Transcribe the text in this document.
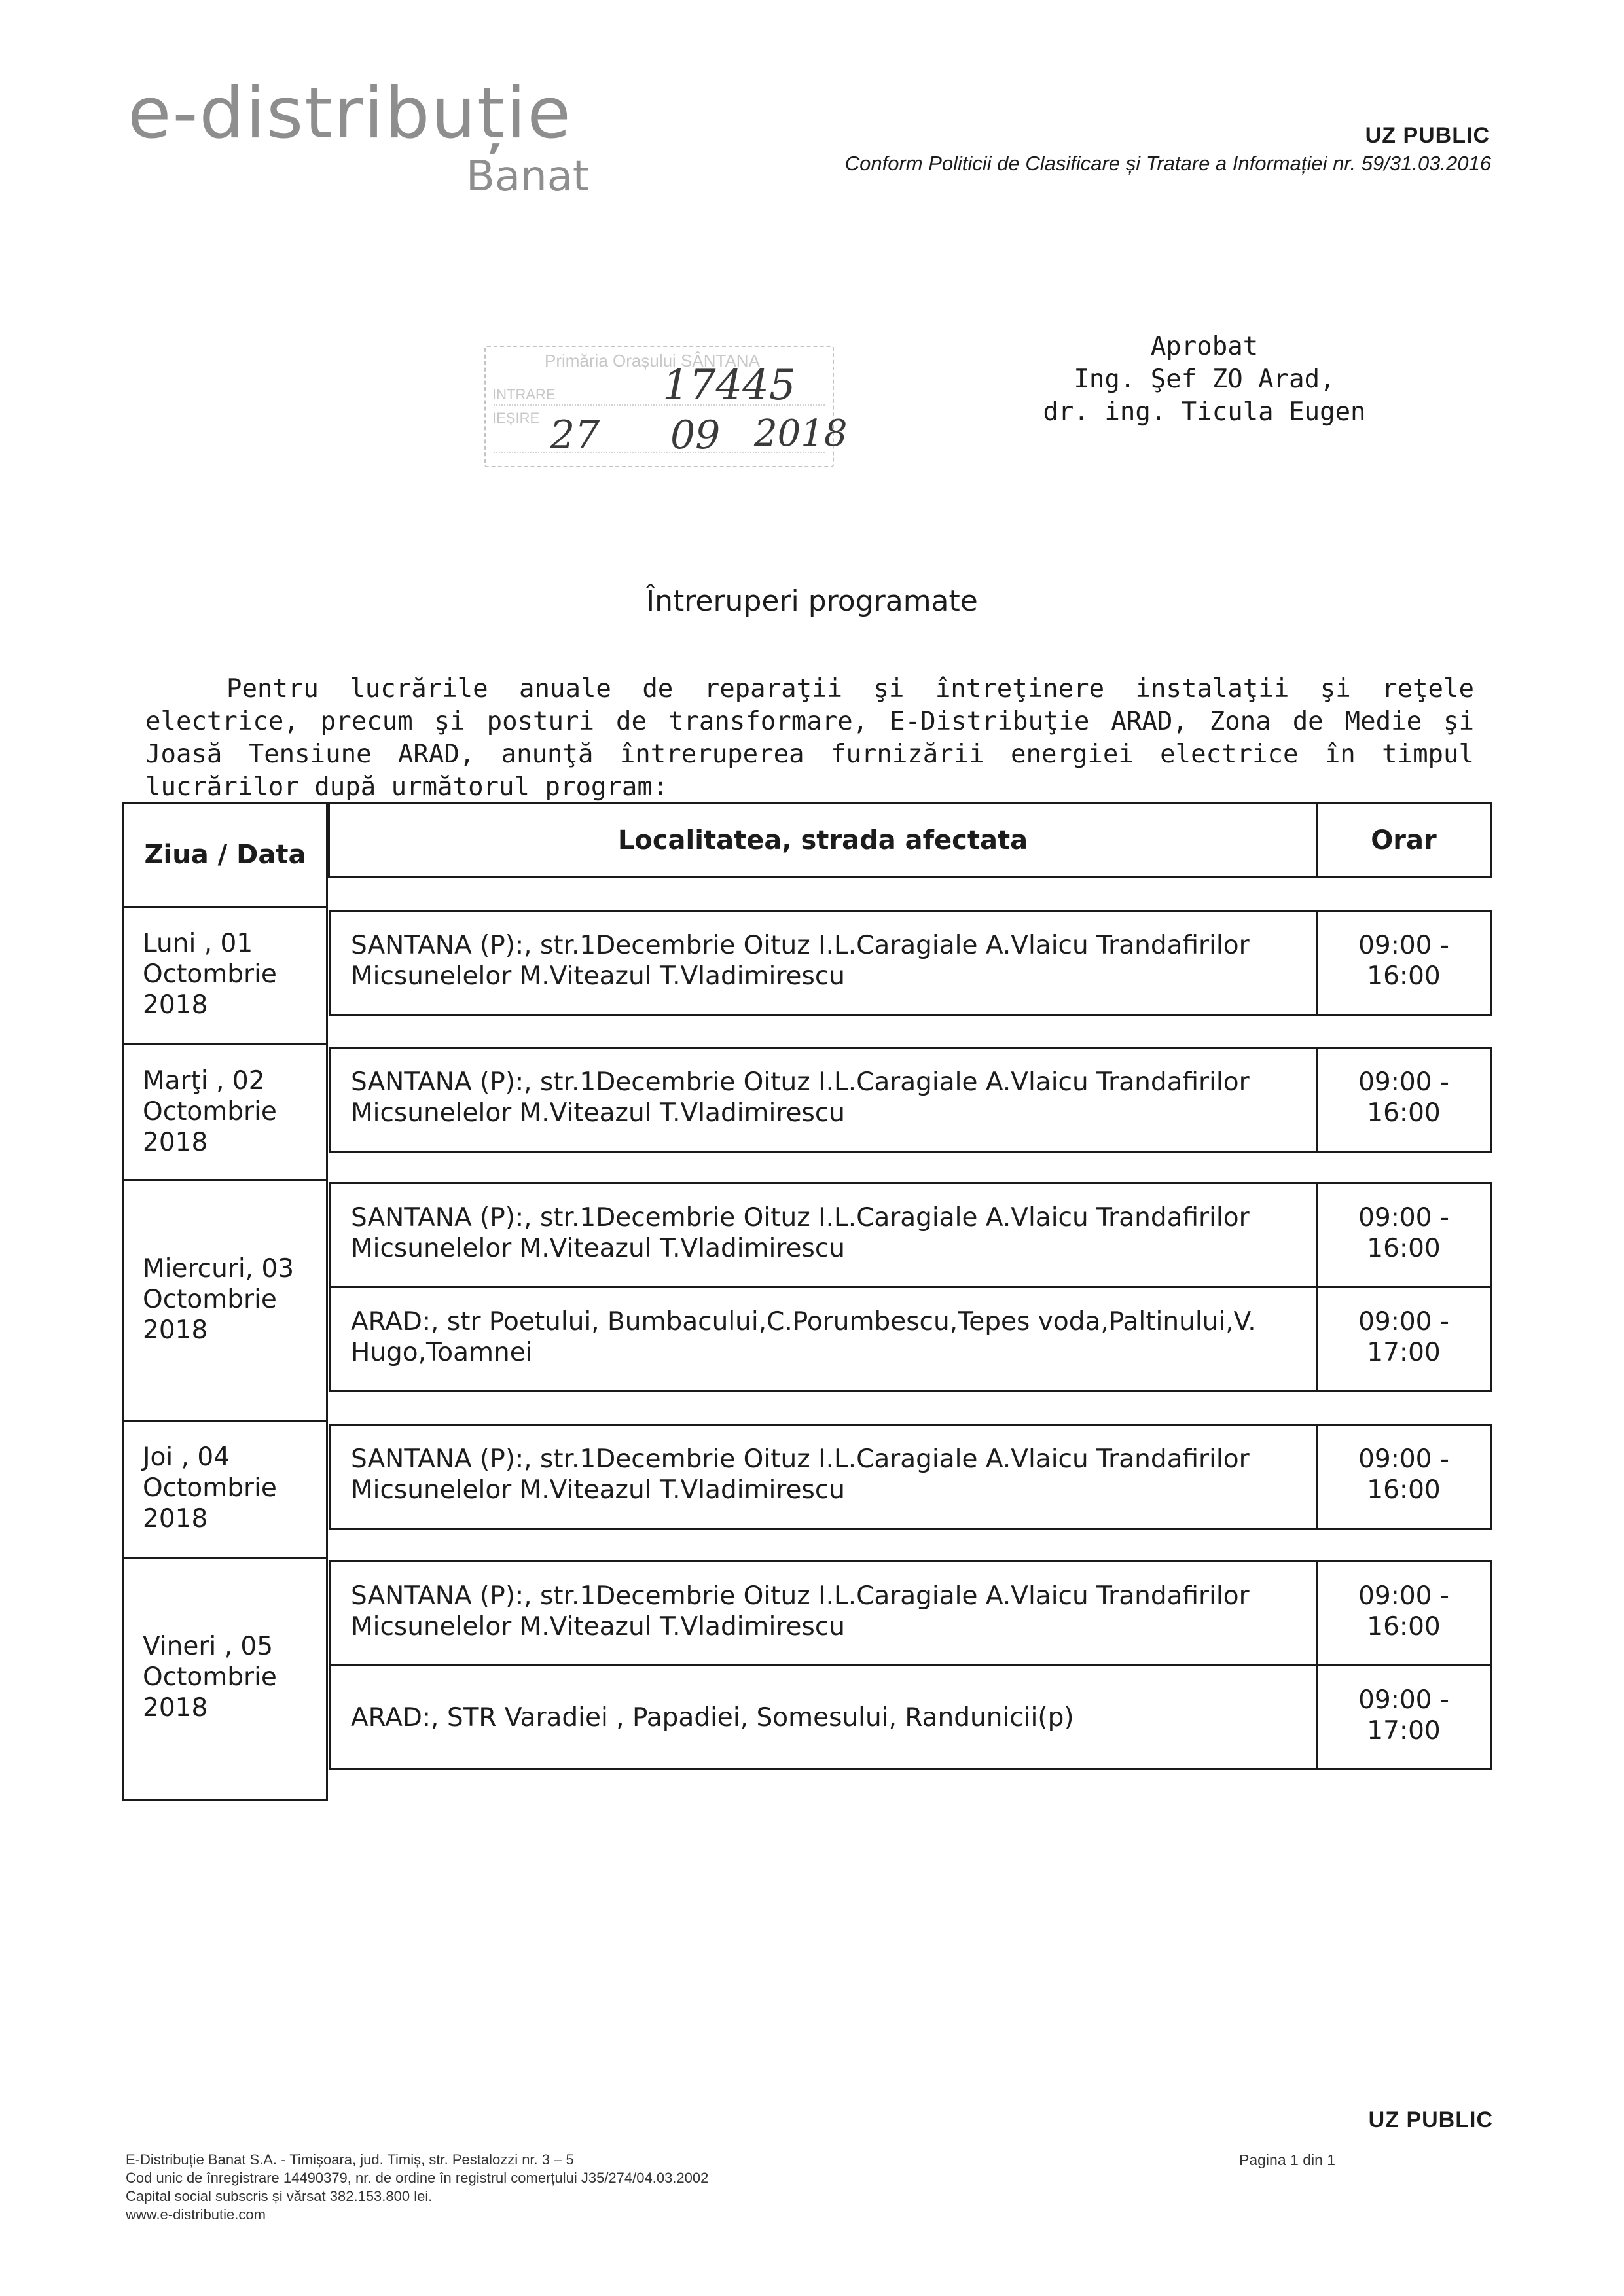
e-distribuție
Banat
UZ PUBLIC
Conform Politicii de Clasificare și Tratare a Informației nr. 59/31.03.2016
Primăria Orașului SÂNTANA
INTRARE
IEȘIRE
17445
27 09 2018
Aprobat
Ing. Şef ZO Arad,
dr. ing. Ticula Eugen
Întreruperi programate

Pentru lucrările anuale de reparaţii şi întreţinere instalaţii şi reţele electrice, precum şi posturi de transformare, E-Distribuţie ARAD, Zona de Medie şi Joasă Tensiune ARAD, anunţă întreruperea furnizării energiei electrice în timpul lucrărilor după următorul program:

Ziua / Data	Localitatea, strada afectata	Orar
Luni , 01 Octombrie 2018
SANTANA (P):, str.1Decembrie Oituz I.L.Caragiale A.Vlaicu Trandafirilor Micsunelelor M.Viteazul T.Vladimirescu
09:00 - 16:00
Marţi , 02 Octombrie 2018
SANTANA (P):, str.1Decembrie Oituz I.L.Caragiale A.Vlaicu Trandafirilor Micsunelelor M.Viteazul T.Vladimirescu
09:00 - 16:00
Miercuri, 03 Octombrie 2018
SANTANA (P):, str.1Decembrie Oituz I.L.Caragiale A.Vlaicu Trandafirilor Micsunelelor M.Viteazul T.Vladimirescu
09:00 - 16:00
ARAD:, str Poetului, Bumbacului,C.Porumbescu,Tepes voda,Paltinului,V. Hugo,Toamnei
09:00 - 17:00
Joi , 04 Octombrie 2018
SANTANA (P):, str.1Decembrie Oituz I.L.Caragiale A.Vlaicu Trandafirilor Micsunelelor M.Viteazul T.Vladimirescu
09:00 - 16:00
Vineri , 05 Octombrie 2018
SANTANA (P):, str.1Decembrie Oituz I.L.Caragiale A.Vlaicu Trandafirilor Micsunelelor M.Viteazul T.Vladimirescu
09:00 - 16:00
ARAD:, STR Varadiei , Papadiei, Somesului, Randunicii(p)
09:00 - 17:00
UZ PUBLIC
E-Distribuție Banat S.A. - Timișoara, jud. Timiș, str. Pestalozzi nr. 3 – 5
Cod unic de înregistrare 14490379, nr. de ordine în registrul comerțului J35/274/04.03.2002
Capital social subscris și vărsat 382.153.800 lei.
www.e-distributie.com
Pagina 1 din 1
